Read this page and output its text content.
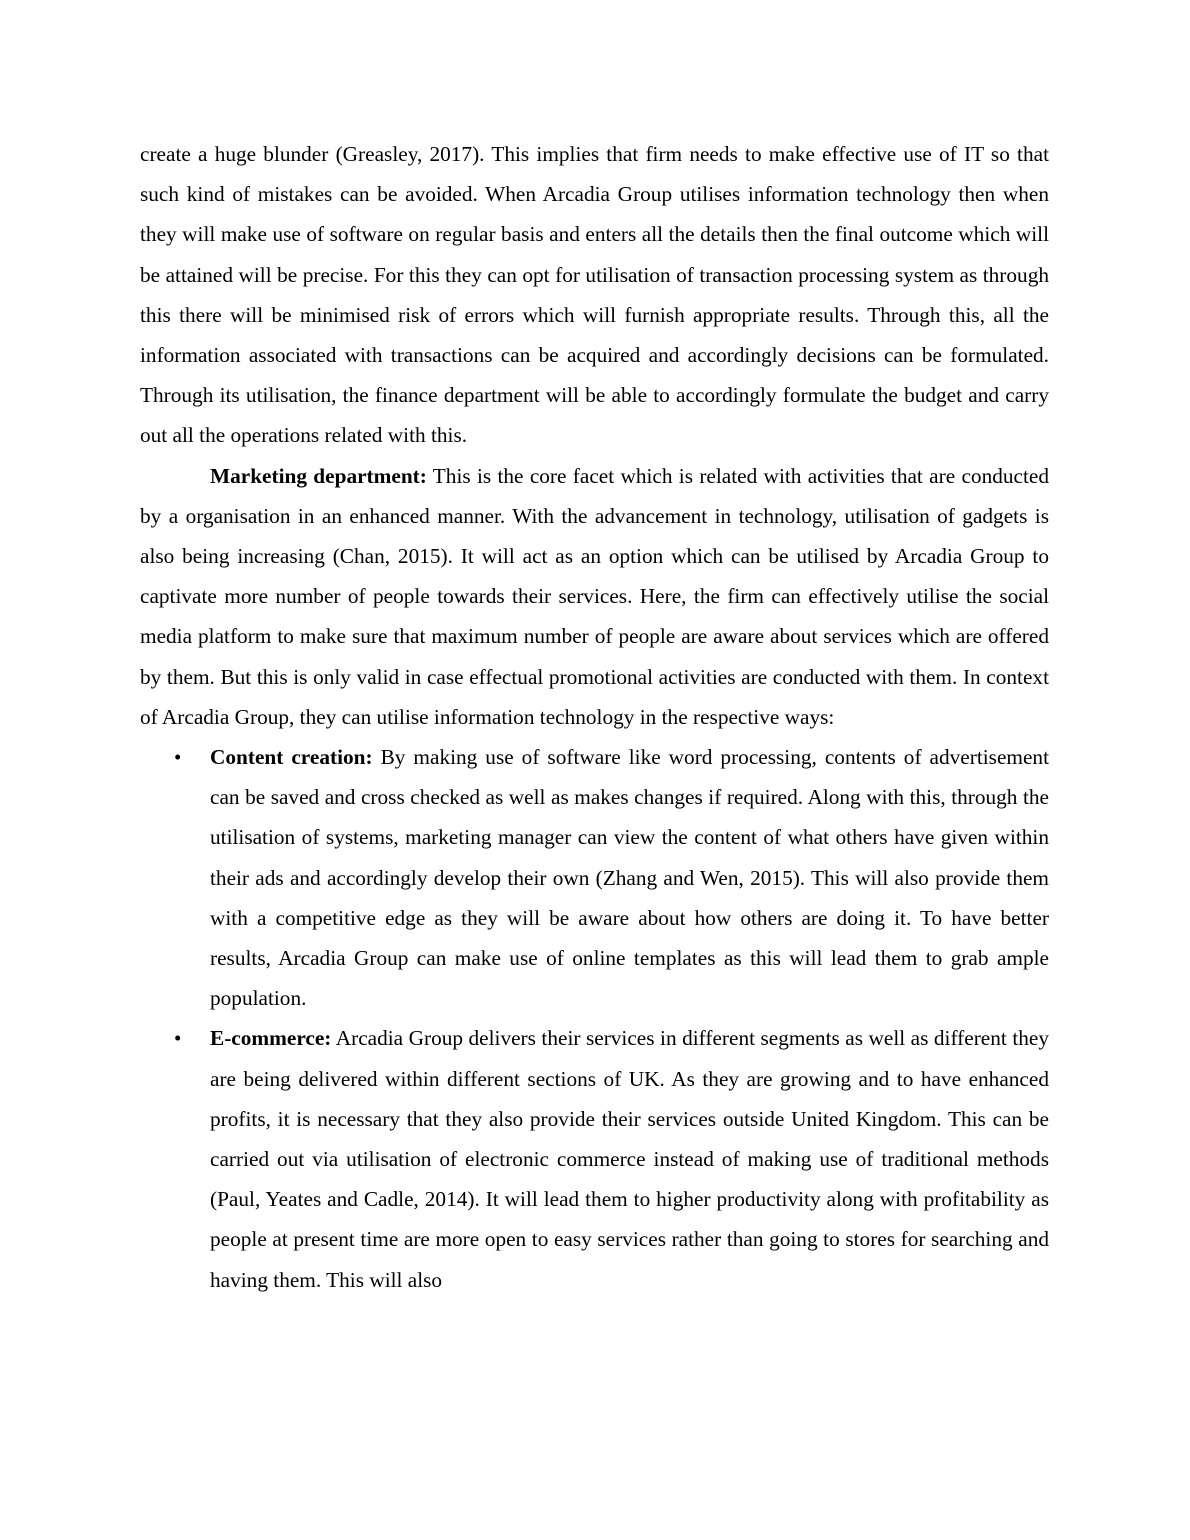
create a huge blunder (Greasley, 2017). This implies that firm needs to make effective use of IT so that such kind of mistakes can be avoided. When Arcadia Group utilises information technology then when they will make use of software on regular basis and enters all the details then the final outcome which will be attained will be precise. For this they can opt for utilisation of transaction processing system as through this there will be minimised risk of errors which will furnish appropriate results. Through this, all the information associated with transactions can be acquired and accordingly decisions can be formulated. Through its utilisation, the finance department will be able to accordingly formulate the budget and carry out all the operations related with this.

Marketing department: This is the core facet which is related with activities that are conducted by a organisation in an enhanced manner. With the advancement in technology, utilisation of gadgets is also being increasing (Chan, 2015). It will act as an option which can be utilised by Arcadia Group to captivate more number of people towards their services. Here, the firm can effectively utilise the social media platform to make sure that maximum number of people are aware about services which are offered by them. But this is only valid in case effectual promotional activities are conducted with them. In context of Arcadia Group, they can utilise information technology in the respective ways:

• Content creation: By making use of software like word processing, contents of advertisement can be saved and cross checked as well as makes changes if required. Along with this, through the utilisation of systems, marketing manager can view the content of what others have given within their ads and accordingly develop their own (Zhang and Wen, 2015). This will also provide them with a competitive edge as they will be aware about how others are doing it. To have better results, Arcadia Group can make use of online templates as this will lead them to grab ample population.
• E-commerce: Arcadia Group delivers their services in different segments as well as different they are being delivered within different sections of UK. As they are growing and to have enhanced profits, it is necessary that they also provide their services outside United Kingdom. This can be carried out via utilisation of electronic commerce instead of making use of traditional methods (Paul, Yeates and Cadle, 2014). It will lead them to higher productivity along with profitability as people at present time are more open to easy services rather than going to stores for searching and having them. This will also
